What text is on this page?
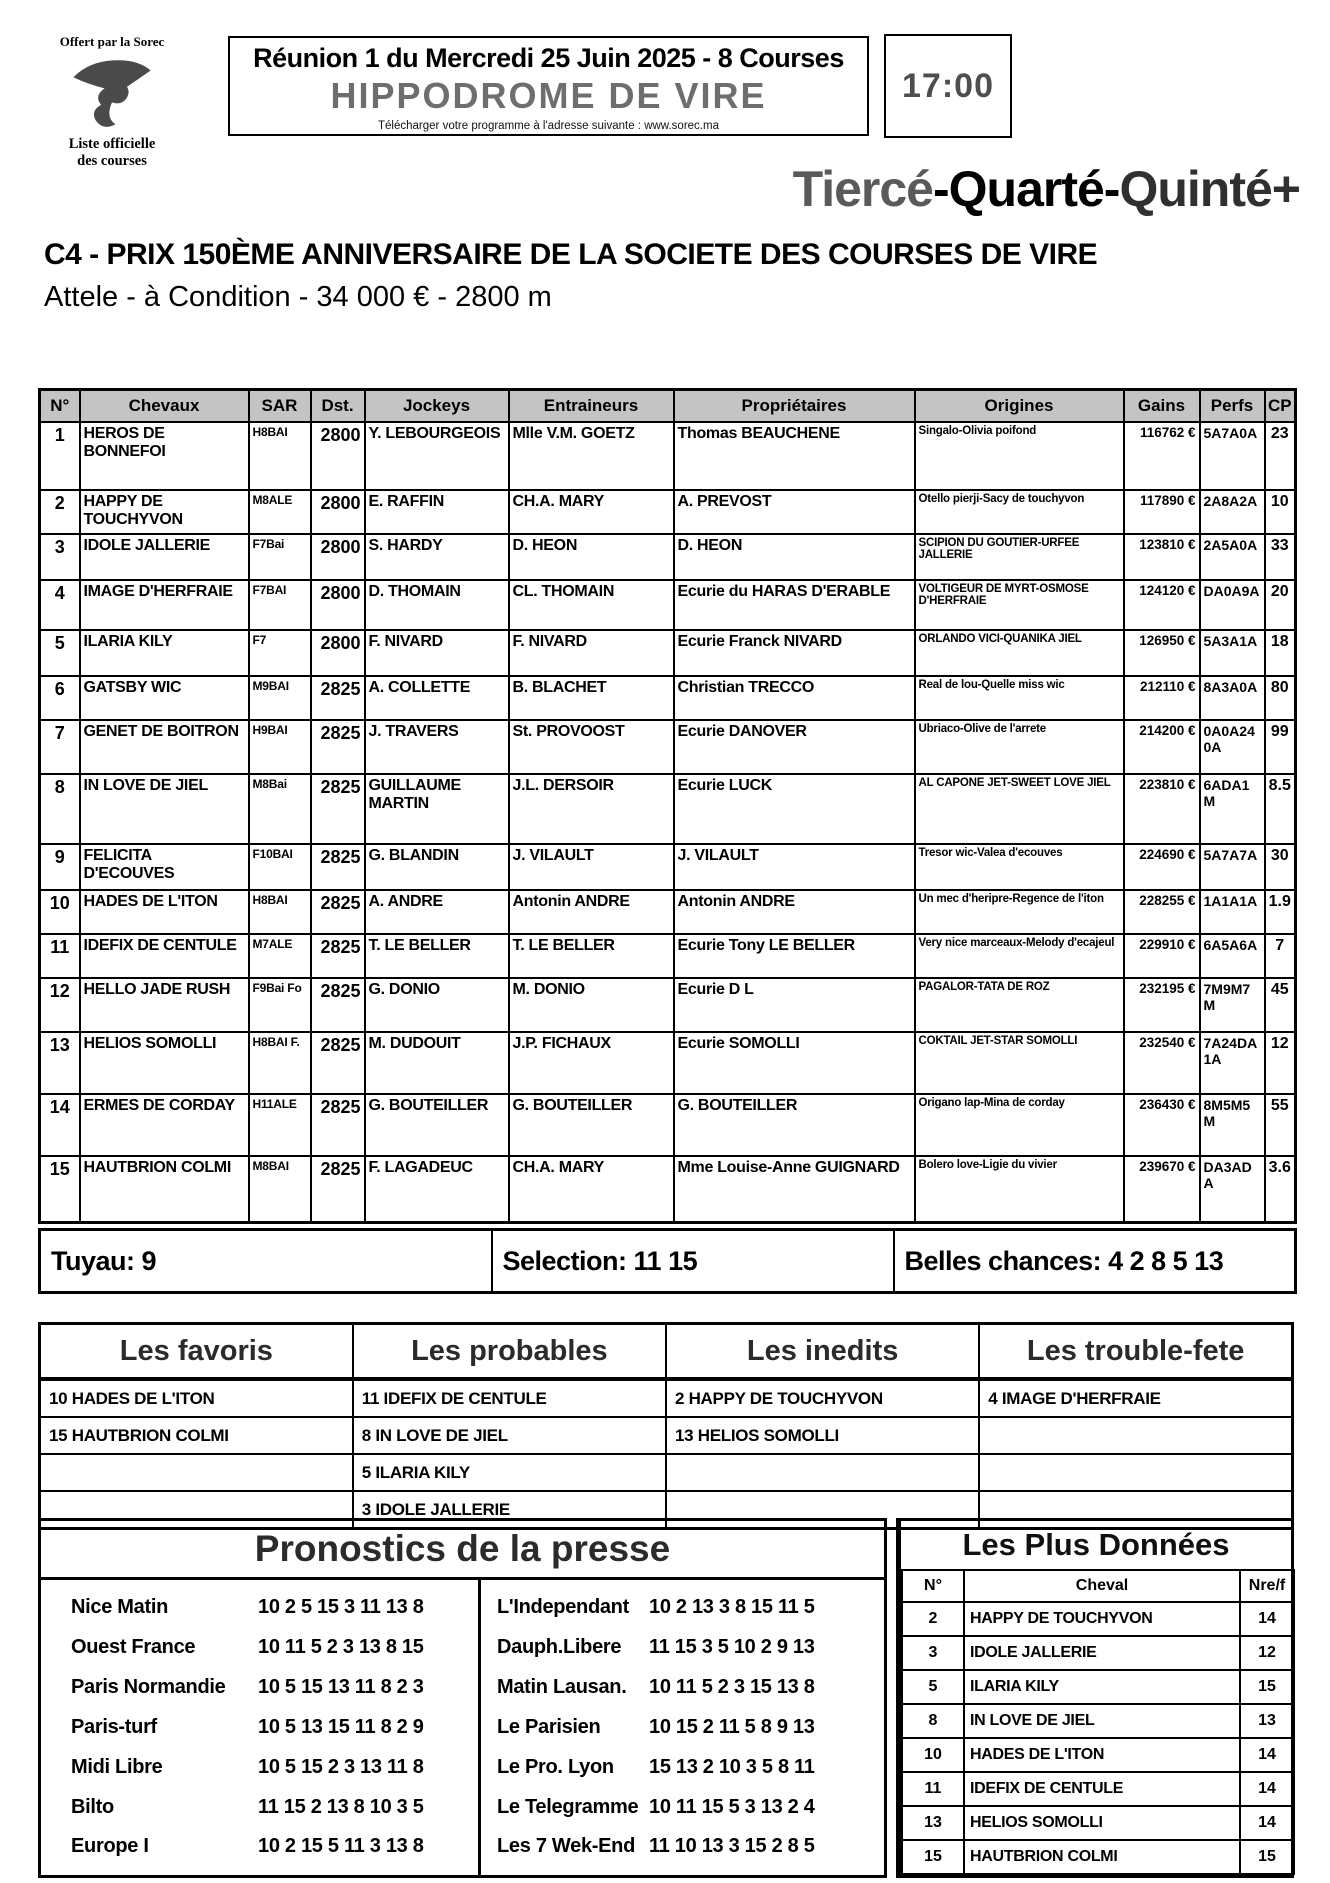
Offert par la Sorec
Liste officielle
des courses
Réunion 1 du Mercredi 25 Juin 2025 - 8 Courses
HIPPODROME DE VIRE
Télécharger votre programme à l'adresse suivante : www.sorec.ma
17:00
Tiercé-Quarté-Quinté+
C4 - PRIX 150ÈME ANNIVERSAIRE DE LA SOCIETE DES COURSES DE VIRE
Attele - à Condition - 34 000 € - 2800 m
N°	Chevaux	SAR	Dst.	Jockeys	Entraineurs	Propriétaires	Origines	Gains	Perfs	CP
1	HEROS DE BONNEFOI	H8BAI	2800	Y. LEBOURGEOIS	Mlle V.M. GOETZ	Thomas BEAUCHENE	Singalo-Olivia poifond	116762 €	5A7A0A	23
2	HAPPY DE TOUCHYVON	M8ALE	2800	E. RAFFIN	CH.A. MARY	A. PREVOST	Otello pierji-Sacy de touchyvon	117890 €	2A8A2A	10
3	IDOLE JALLERIE	F7Bai	2800	S. HARDY	D. HEON	D. HEON	SCIPION DU GOUTIER-URFEE JALLERIE	123810 €	2A5A0A	33
4	IMAGE D'HERFRAIE	F7BAI	2800	D. THOMAIN	CL. THOMAIN	Ecurie du HARAS D'ERABLE	VOLTIGEUR DE MYRT-OSMOSE D'HERFRAIE	124120 €	DA0A9A	20
5	ILARIA KILY	F7	2800	F. NIVARD	F. NIVARD	Ecurie Franck NIVARD	ORLANDO VICI-QUANIKA JIEL	126950 €	5A3A1A	18
6	GATSBY WIC	M9BAI	2825	A. COLLETTE	B. BLACHET	Christian TRECCO	Real de lou-Quelle miss wic	212110 €	8A3A0A	80
7	GENET DE BOITRON	H9BAI	2825	J. TRAVERS	St. PROVOOST	Ecurie DANOVER	Ubriaco-Olive de l'arrete	214200 €	0A0A240A	99
8	IN LOVE DE JIEL	M8Bai	2825	GUILLAUME MARTIN	J.L. DERSOIR	Ecurie LUCK	AL CAPONE JET-SWEET LOVE JIEL	223810 €	6ADA1M	8.5
9	FELICITA D'ECOUVES	F10BAI	2825	G. BLANDIN	J. VILAULT	J. VILAULT	Tresor wic-Valea d'ecouves	224690 €	5A7A7A	30
10	HADES DE L'ITON	H8BAI	2825	A. ANDRE	Antonin ANDRE	Antonin ANDRE	Un mec d'heripre-Regence de l'iton	228255 €	1A1A1A	1.9
11	IDEFIX DE CENTULE	M7ALE	2825	T. LE BELLER	T. LE BELLER	Ecurie Tony LE BELLER	Very nice marceaux-Melody d'ecajeul	229910 €	6A5A6A	7
12	HELLO JADE RUSH	F9Bai Fo	2825	G. DONIO	M. DONIO	Ecurie D L	PAGALOR-TATA DE ROZ	232195 €	7M9M7M	45
13	HELIOS SOMOLLI	H8BAI F.	2825	M. DUDOUIT	J.P. FICHAUX	Ecurie SOMOLLI	COKTAIL JET-STAR SOMOLLI	232540 €	7A24DA1A	12
14	ERMES DE CORDAY	H11ALE	2825	G. BOUTEILLER	G. BOUTEILLER	G. BOUTEILLER	Origano lap-Mina de corday	236430 €	8M5M5M	55
15	HAUTBRION COLMI	M8BAI	2825	F. LAGADEUC	CH.A. MARY	Mme Louise-Anne GUIGNARD	Bolero love-Ligie du vivier	239670 €	DA3ADA	3.6
Tuyau: 9	Selection: 11 15	Belles chances: 4 2 8 5 13
Les favoris	Les probables	Les inedits	Les trouble-fete
10 HADES DE L'ITON	11 IDEFIX DE CENTULE	2 HAPPY DE TOUCHYVON	4 IMAGE D'HERFRAIE
15 HAUTBRION COLMI	8 IN LOVE DE JIEL	13 HELIOS SOMOLLI	
	5 ILARIA KILY		
	3 IDOLE JALLERIE		
Pronostics de la presse
Nice Matin	10 2 5 15 3 11 13 8
Ouest France	10 11 5 2 3 13 8 15
Paris Normandie	10 5 15 13 11 8 2 3
Paris-turf	10 5 13 15 11 8 2 9
Midi Libre	10 5 15 2 3 13 11 8
Bilto	11 15 2 13 8 10 3 5
Europe I	10 2 15 5 11 3 13 8
L'Independant	10 2 13 3 8 15 11 5
Dauph.Libere	11 15 3 5 10 2 9 13
Matin Lausan.	10 11 5 2 3 15 13 8
Le Parisien	10 15 2 11 5 8 9 13
Le Pro. Lyon	15 13 2 10 3 5 8 11
Le Telegramme 10 11 15 5 3 13 2 4
Les 7 Wek-End 11 10 13 3 15 2 8 5
Les Plus Données
N°	Cheval	Nre/f
2	HAPPY DE TOUCHYVON	14
3	IDOLE JALLERIE	12
5	ILARIA KILY	15
8	IN LOVE DE JIEL	13
10	HADES DE L'ITON	14
11	IDEFIX DE CENTULE	14
13	HELIOS SOMOLLI	14
15	HAUTBRION COLMI	15
